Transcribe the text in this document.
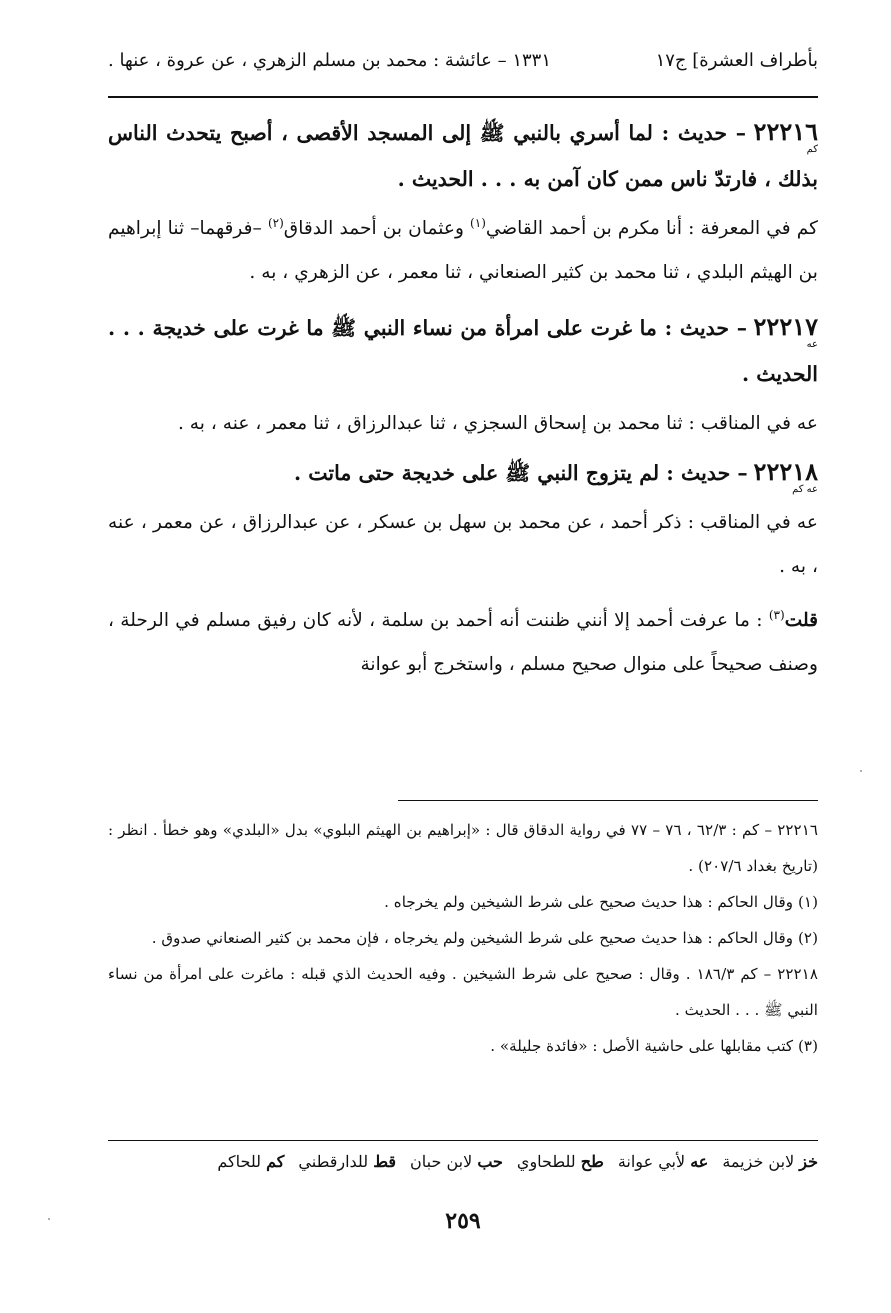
بأطراف العشرة] ج١٧
١٣٣١ – عائشة : محمد بن مسلم الزهري ، عن عروة ، عنها .

٢٢٢١٦
كم
– حديث : لما أسري بالنبي ﷺ إلى المسجد الأقصى ، أصبح يتحدث الناس بذلك ، فارتدّ ناس ممن كان آمن به . . . الحديث .

كم في المعرفة : أنا مكرم بن أحمد القاضي$^{(١)}$ وعثمان بن أحمد الدقاق$^{(٢)}$ –فرقهما– ثنا إبراهيم بن الهيثم البلدي ، ثنا محمد بن كثير الصنعاني ، ثنا معمر ، عن الزهري ، به .

٢٢٢١٧
عه
– حديث : ما غرت على امرأة من نساء النبي ﷺ ما غرت على خديجة . . . الحديث .

عه في المناقب : ثنا محمد بن إسحاق السجزي ، ثنا عبدالرزاق ، ثنا معمر ، عنه ، به .

٢٢٢١٨
عه كم
– حديث : لم يتزوج النبي ﷺ على خديجة حتى ماتت .

عه في المناقب : ذكر أحمد ، عن محمد بن سهل بن عسكر ، عن عبدالرزاق ، عن معمر ، عنه ، به .

قلت$^{(٣)}$ : ما عرفت أحمد إلا أنني ظننت أنه أحمد بن سلمة ، لأنه كان رفيق مسلم في الرحلة ، وصنف صحيحاً على منوال صحيح مسلم ، واستخرج أبو عوانة

٢٢٢١٦ – كم : ٦٢/٣ ، ٧٦ – ٧٧ في رواية الدقاق قال : «إبراهيم بن الهيثم البلوي» بدل «البلدي» وهو خطأ . انظر : (تاريخ بغداد ٢٠٧/٦) .

(١) وقال الحاكم : هذا حديث صحيح على شرط الشيخين ولم يخرجاه .

(٢) وقال الحاكم : هذا حديث صحيح على شرط الشيخين ولم يخرجاه ، فإن محمد بن كثير الصنعاني صدوق .

٢٢٢١٨ – كم ١٨٦/٣ . وقال : صحيح على شرط الشيخين . وفيه الحديث الذي قبله : ماغرت على امرأة من نساء النبي ﷺ . . . الحديث .

(٣) كتب مقابلها على حاشية الأصل : «فائدة جليلة» .

خز لابن خزيمة
عه لأبي عوانة
طح للطحاوي
حب لابن حبان
قط للدارقطني
كم للحاكم
٢٥٩
